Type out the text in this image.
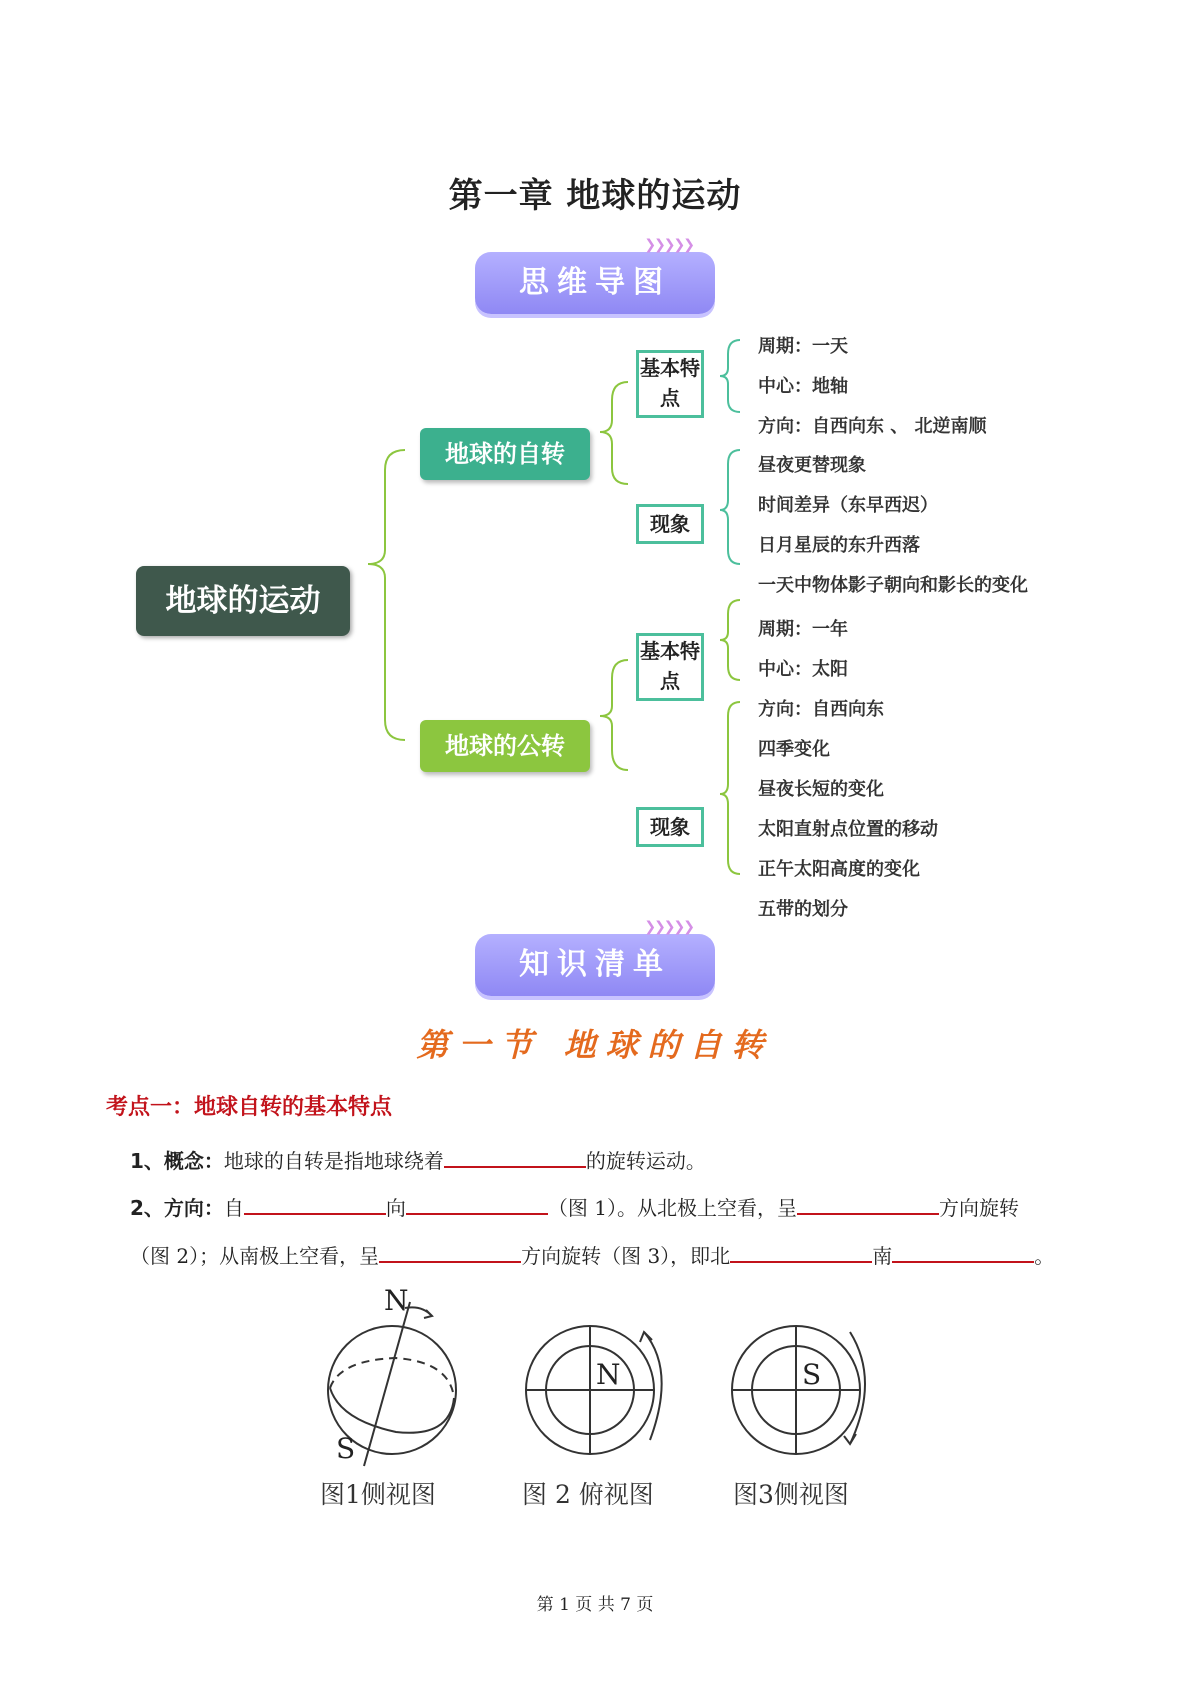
第一章 地球的运动
思维导图
❯❯❯❯❯
地球的运动
地球的自转
地球的公转
基本特点
现象
基本特点
现象
周期：一天
中心：地轴
方向：自西向东 、 北逆南顺
昼夜更替现象
时间差异（东早西迟）
日月星辰的东升西落
一天中物体影子朝向和影长的变化
周期：一年
中心：太阳
方向：自西向东
四季变化
昼夜长短的变化
太阳直射点位置的移动
正午太阳高度的变化
五带的划分
知识清单
❯❯❯❯❯
第一节 地球的自转
考点一：地球自转的基本特点
1、概念：地球的自转是指地球绕着	的旋转运动。
2、方向：自	向	（图 1）。从北极上空看，呈	方向旋转
（图 2）；从南极上空看，呈	方向旋转（图 3），即北	南	。
N
S
N	S
图1侧视图	图 2 俯视图	图3侧视图
第 1 页 共 7 页
